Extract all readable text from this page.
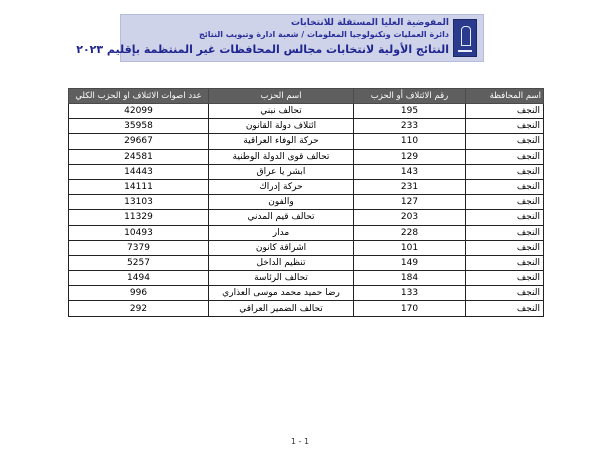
المفوضية العليا المستقلة للانتخابات
دائرة العمليات وتكنولوجيا المعلومات / شعبة ادارة وتبويب النتائج
النتائج الأولية لانتخابات مجالس المحافظات غير المنتظمة بإقليم ٢٠٢٣
اسم المحافظة	رقم الائتلاف أو الحزب	اسم الحزب	عدد اصوات الائتلاف او الحزب الكلي
النجف	195	تحالف نبني	42099
النجف	233	ائتلاف دولة القانون	35958
النجف	110	حركة الوفاء العراقية	29667
النجف	129	تحالف قوى الدولة الوطنية	24581
النجف	143	ابشر يا عراق	14443
النجف	231	حركة إدراك	14111
النجف	127	والفون	13103
النجف	203	تحالف قيم المدني	11329
النجف	228	مدار	10493
النجف	101	اشراقة كانون	7379
النجف	149	تنظيم الداخل	5257
النجف	184	تحالف الرئاسة	1494
النجف	133	رضا حميد محمد موسى العذاري	996
النجف	170	تحالف الضمير العراقي	292
1 - 1
